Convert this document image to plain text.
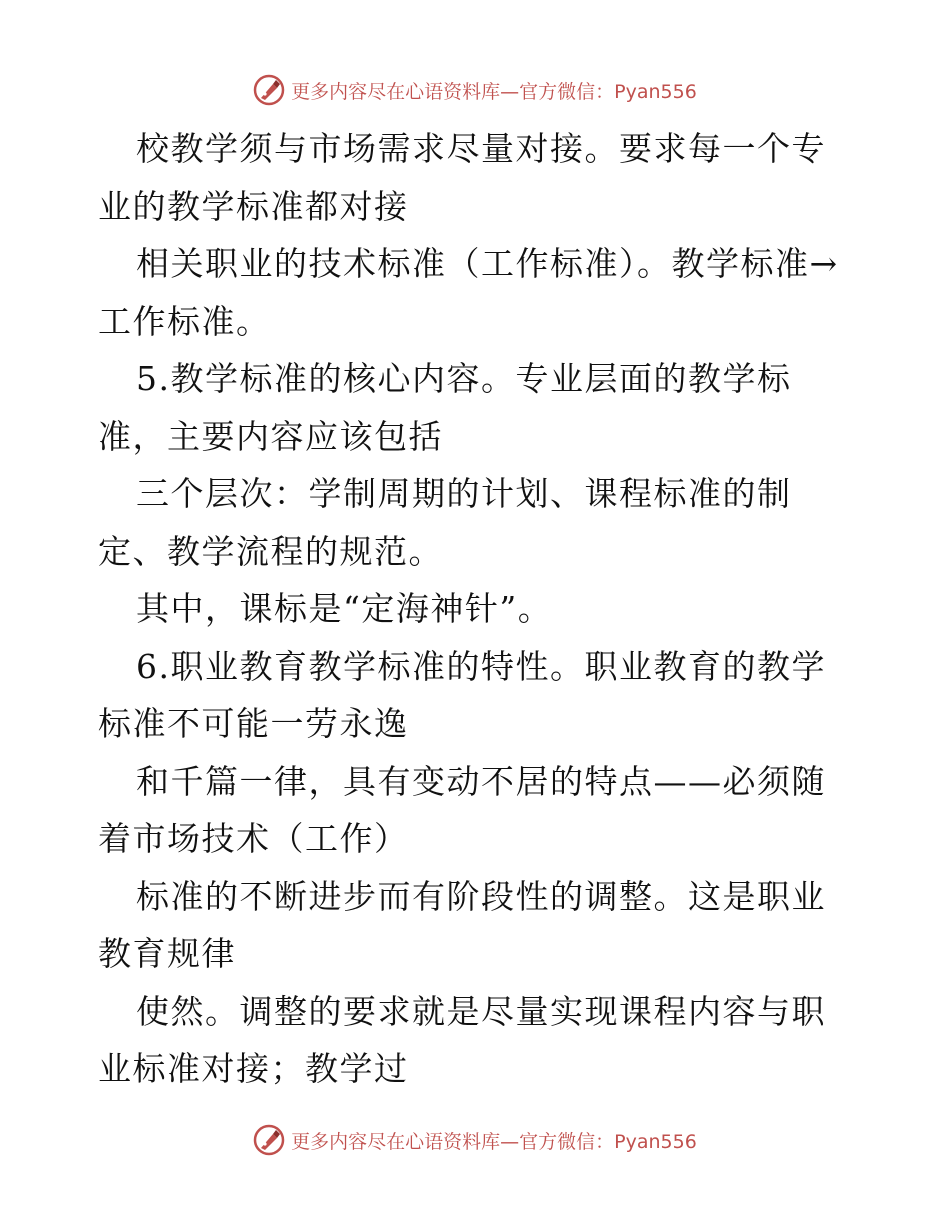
更多内容尽在心语资料库—官方微信：Pyan556

校教学须与市场需求尽量对接。要求每一个专业的教学标准都对接

相关职业的技术标准（工作标准）。教学标准→工作标准。

5.教学标准的核心内容。专业层面的教学标准，主要内容应该包括

三个层次：学制周期的计划、课程标准的制定、教学流程的规范。

其中，课标是“定海神针”。

6.职业教育教学标准的特性。职业教育的教学标准不可能一劳永逸

和千篇一律，具有变动不居的特点——必须随着市场技术（工作）

标准的不断进步而有阶段性的调整。这是职业教育规律

使然。调整的要求就是尽量实现课程内容与职业标准对接；教学过

更多内容尽在心语资料库—官方微信：Pyan556
